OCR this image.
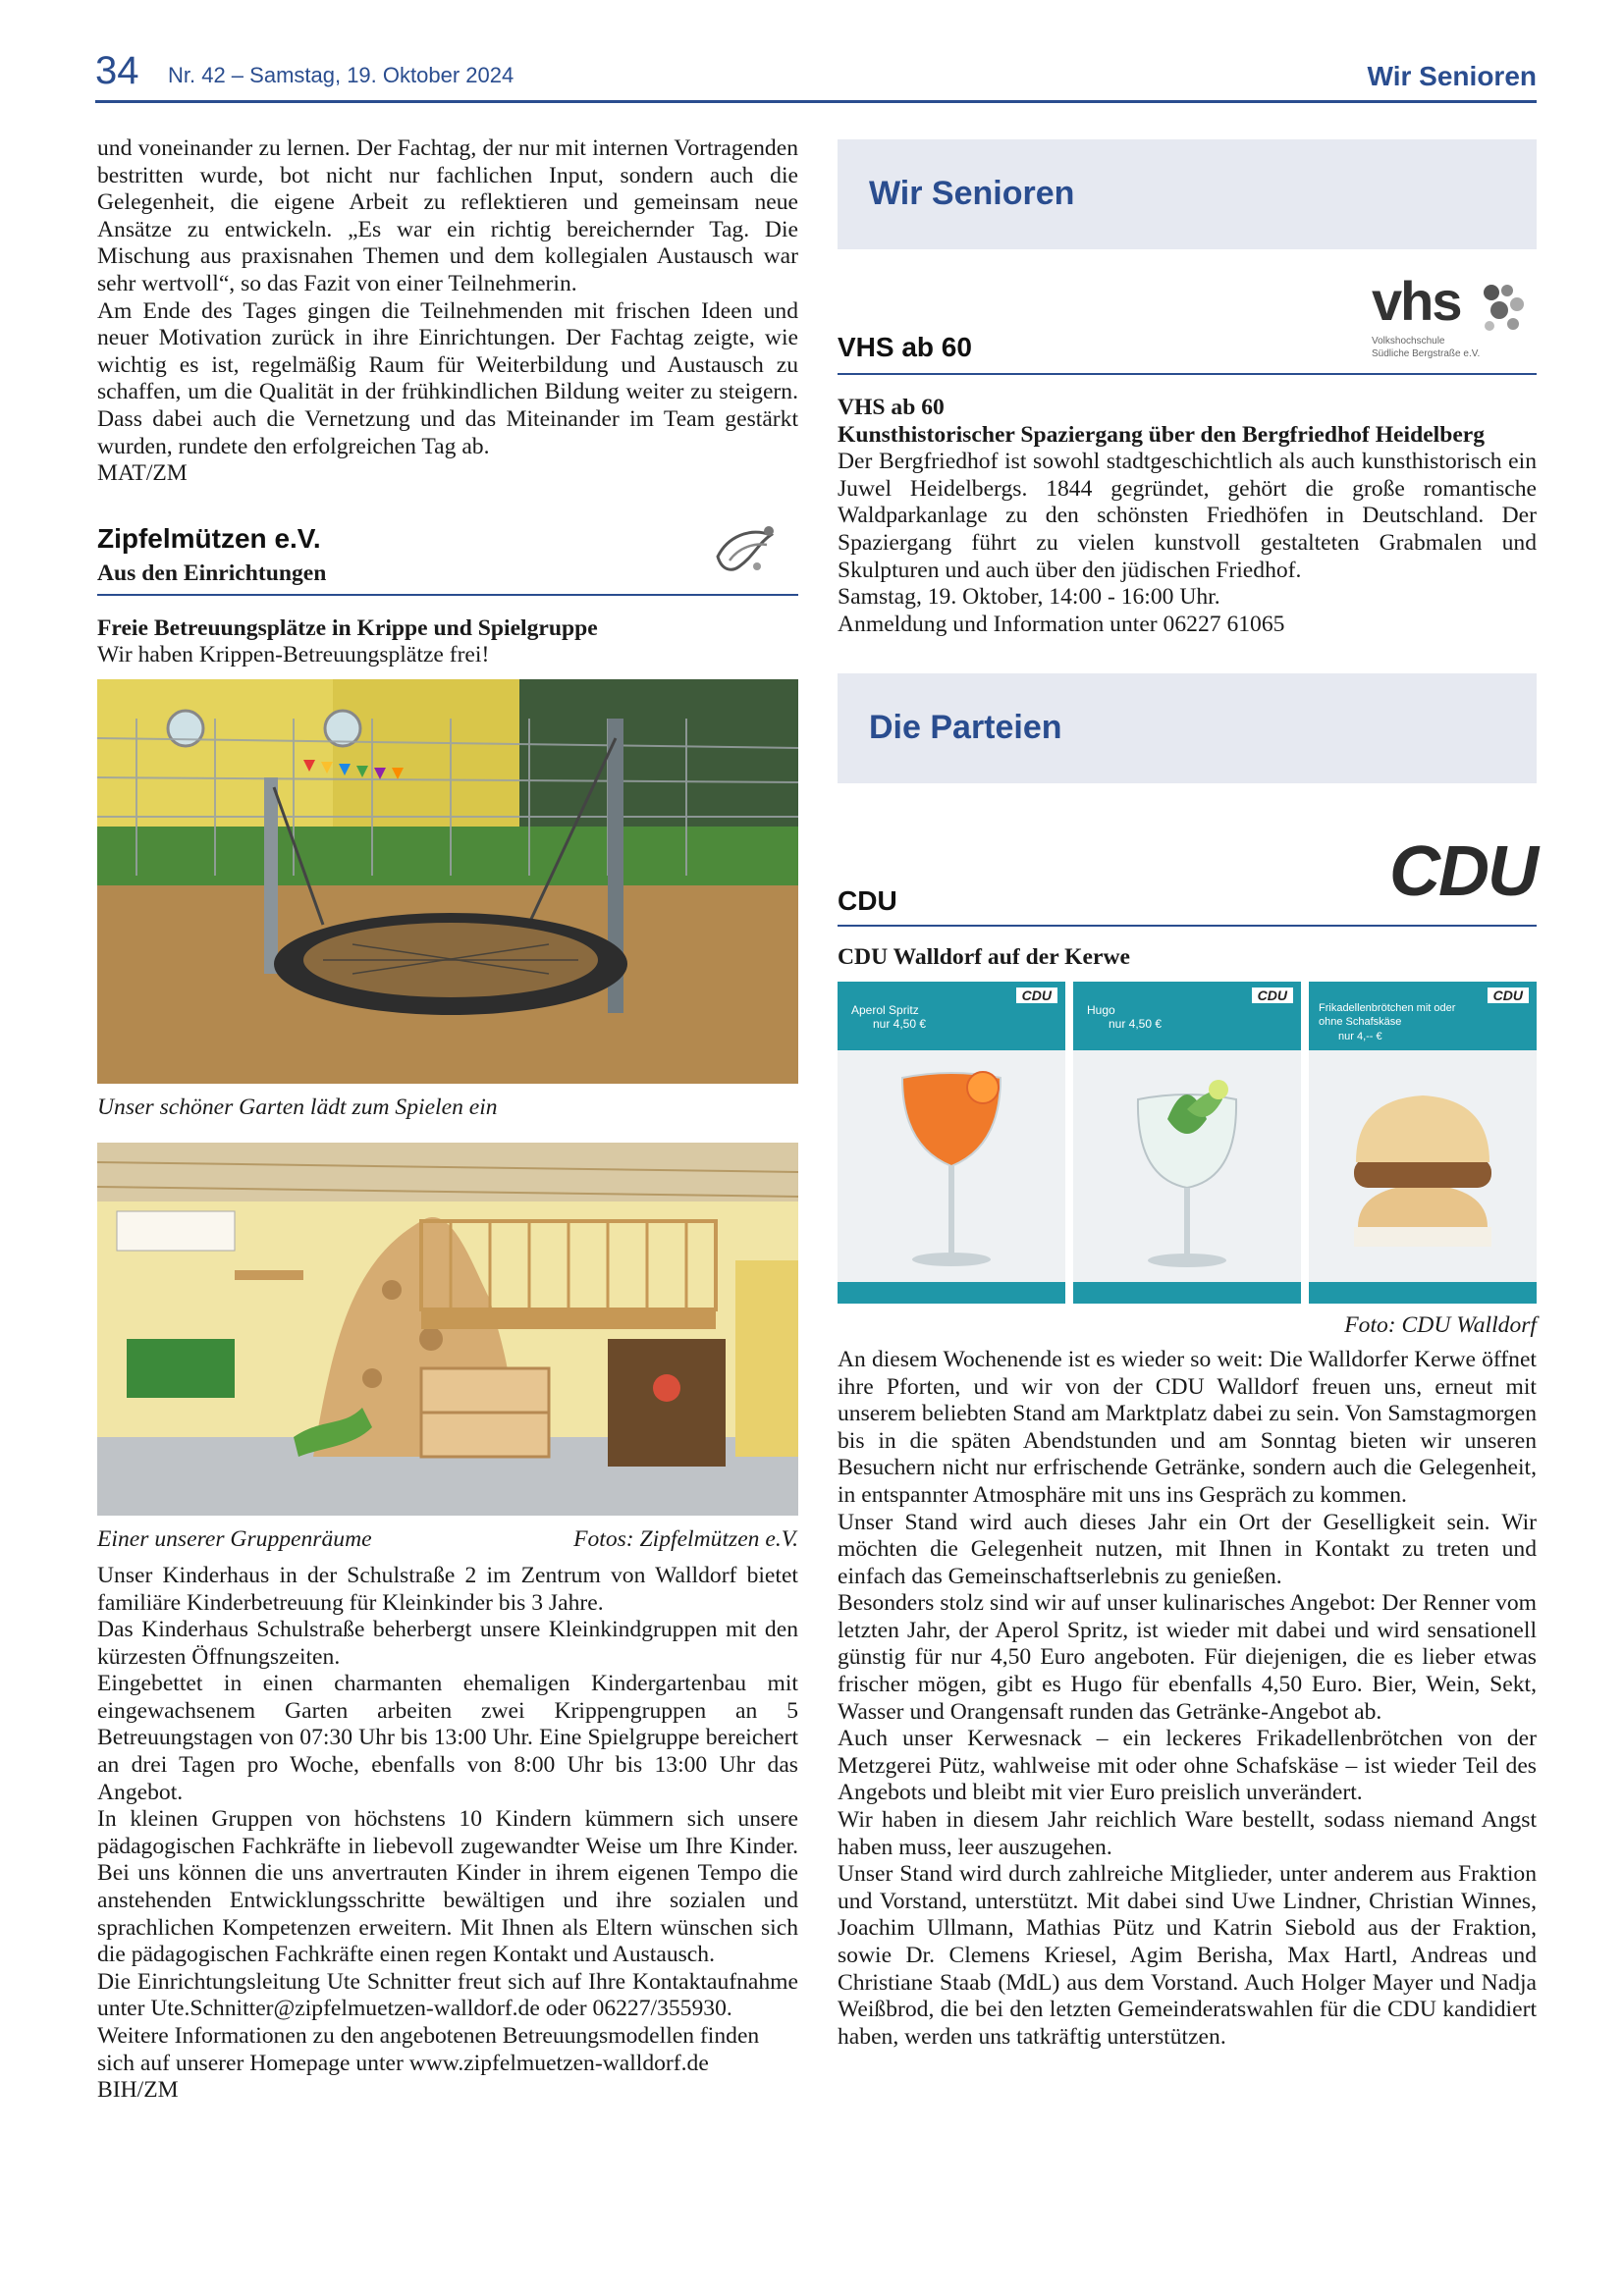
34 Nr. 42 – Samstag, 19. Oktober 2024	Wir Senioren

und voneinander zu lernen. Der Fachtag, der nur mit internen Vortragenden bestritten wurde, bot nicht nur fachlichen Input, sondern auch die Gelegenheit, die eigene Arbeit zu reflektieren und gemeinsam neue Ansätze zu entwickeln. „Es war ein richtig bereichernder Tag. Die Mischung aus praxisnahen Themen und dem kollegialen Austausch war sehr wertvoll“, so das Fazit von einer Teilnehmerin.

Am Ende des Tages gingen die Teilnehmenden mit frischen Ideen und neuer Motivation zurück in ihre Einrichtungen. Der Fachtag zeigte, wie wichtig es ist, regelmäßig Raum für Weiterbildung und Austausch zu schaffen, um die Qualität in der frühkindlichen Bildung weiter zu steigern. Dass dabei auch die Vernetzung und das Miteinander im Team gestärkt wurden, rundete den erfolgreichen Tag ab.

MAT/ZM

Zipfelmützen e.V.
Aus den Einrichtungen
Freie Betreuungsplätze in Krippe und Spielgruppe

Wir haben Krippen-Betreuungsplätze frei!

Unser schöner Garten lädt zum Spielen ein
Einer unserer Gruppenräume	Fotos: Zipfelmützen e.V.

Unser Kinderhaus in der Schulstraße 2 im Zentrum von Walldorf bietet familiäre Kinderbetreuung für Kleinkinder bis 3 Jahre.

Das Kinderhaus Schulstraße beherbergt unsere Kleinkindgruppen mit den kürzesten Öffnungszeiten.

Eingebettet in einen charmanten ehemaligen Kindergartenbau mit eingewachsenem Garten arbeiten zwei Krippengruppen an 5 Betreuungstagen von 07:30 Uhr bis 13:00 Uhr. Eine Spielgruppe bereichert an drei Tagen pro Woche, ebenfalls von 8:00 Uhr bis 13:00 Uhr das Angebot.

In kleinen Gruppen von höchstens 10 Kindern kümmern sich unsere pädagogischen Fachkräfte in liebevoll zugewandter Weise um Ihre Kinder. Bei uns können die uns anvertrauten Kinder in ihrem eigenen Tempo die anstehenden Entwicklungsschritte bewältigen und ihre sozialen und sprachlichen Kompetenzen erweitern. Mit Ihnen als Eltern wünschen sich die pädagogischen Fachkräfte einen regen Kontakt und Austausch.

Die Einrichtungsleitung Ute Schnitter freut sich auf Ihre Kontaktaufnahme unter Ute.Schnitter@zipfelmuetzen-walldorf.de oder 06227/355930.

Weitere Informationen zu den angebotenen Betreuungsmodellen finden sich auf unserer Homepage unter www.zipfelmuetzen-walldorf.de

BIH/ZM

Wir Senioren
VHS ab 60
vhs
Volkshochschule
Südliche Bergstraße e.V.
VHS ab 60
Kunsthistorischer Spaziergang über den Bergfriedhof Heidelberg

Der Bergfriedhof ist sowohl stadtgeschichtlich als auch kunsthistorisch ein Juwel Heidelbergs. 1844 gegründet, gehört die große romantische Waldparkanlage zu den schönsten Friedhöfen in Deutschland. Der Spaziergang führt zu vielen kunstvoll gestalteten Grabmalen und Skulpturen und auch über den jüdischen Friedhof.

Samstag, 19. Oktober, 14:00 - 16:00 Uhr.

Anmeldung und Information unter 06227 61065

Die Parteien
CDU	CDU
CDU Walldorf auf der Kerwe
Aperol Spritz
nur 4,50 €
CDU
Hugo
nur 4,50 €
CDU
Frikadellenbrötchen mit oder ohne Schafskäse
nur 4,-- €
CDU
Foto: CDU Walldorf

An diesem Wochenende ist es wieder so weit: Die Walldorfer Kerwe öffnet ihre Pforten, und wir von der CDU Walldorf freuen uns, erneut mit unserem beliebten Stand am Marktplatz dabei zu sein. Von Samstagmorgen bis in die späten Abendstunden und am Sonntag bieten wir unseren Besuchern nicht nur erfrischende Getränke, sondern auch die Gelegenheit, in entspannter Atmosphäre mit uns ins Gespräch zu kommen.

Unser Stand wird auch dieses Jahr ein Ort der Geselligkeit sein. Wir möchten die Gelegenheit nutzen, mit Ihnen in Kontakt zu treten und einfach das Gemeinschaftserlebnis zu genießen.

Besonders stolz sind wir auf unser kulinarisches Angebot: Der Renner vom letzten Jahr, der Aperol Spritz, ist wieder mit dabei und wird sensationell günstig für nur 4,50 Euro angeboten. Für diejenigen, die es lieber etwas frischer mögen, gibt es Hugo für ebenfalls 4,50 Euro. Bier, Wein, Sekt, Wasser und Orangensaft runden das Getränke-Angebot ab.

Auch unser Kerwesnack – ein leckeres Frikadellenbrötchen von der Metzgerei Pütz, wahlweise mit oder ohne Schafskäse – ist wieder Teil des Angebots und bleibt mit vier Euro preislich unverändert.

Wir haben in diesem Jahr reichlich Ware bestellt, sodass niemand Angst haben muss, leer auszugehen.

Unser Stand wird durch zahlreiche Mitglieder, unter anderem aus Fraktion und Vorstand, unterstützt. Mit dabei sind Uwe Lindner, Christian Winnes, Joachim Ullmann, Mathias Pütz und Katrin Siebold aus der Fraktion, sowie Dr. Clemens Kriesel, Agim Berisha, Max Hartl, Andreas und Christiane Staab (MdL) aus dem Vorstand. Auch Holger Mayer und Nadja Weißbrod, die bei den letzten Gemeinderatswahlen für die CDU kandidiert haben, werden uns tatkräftig unterstützen.
